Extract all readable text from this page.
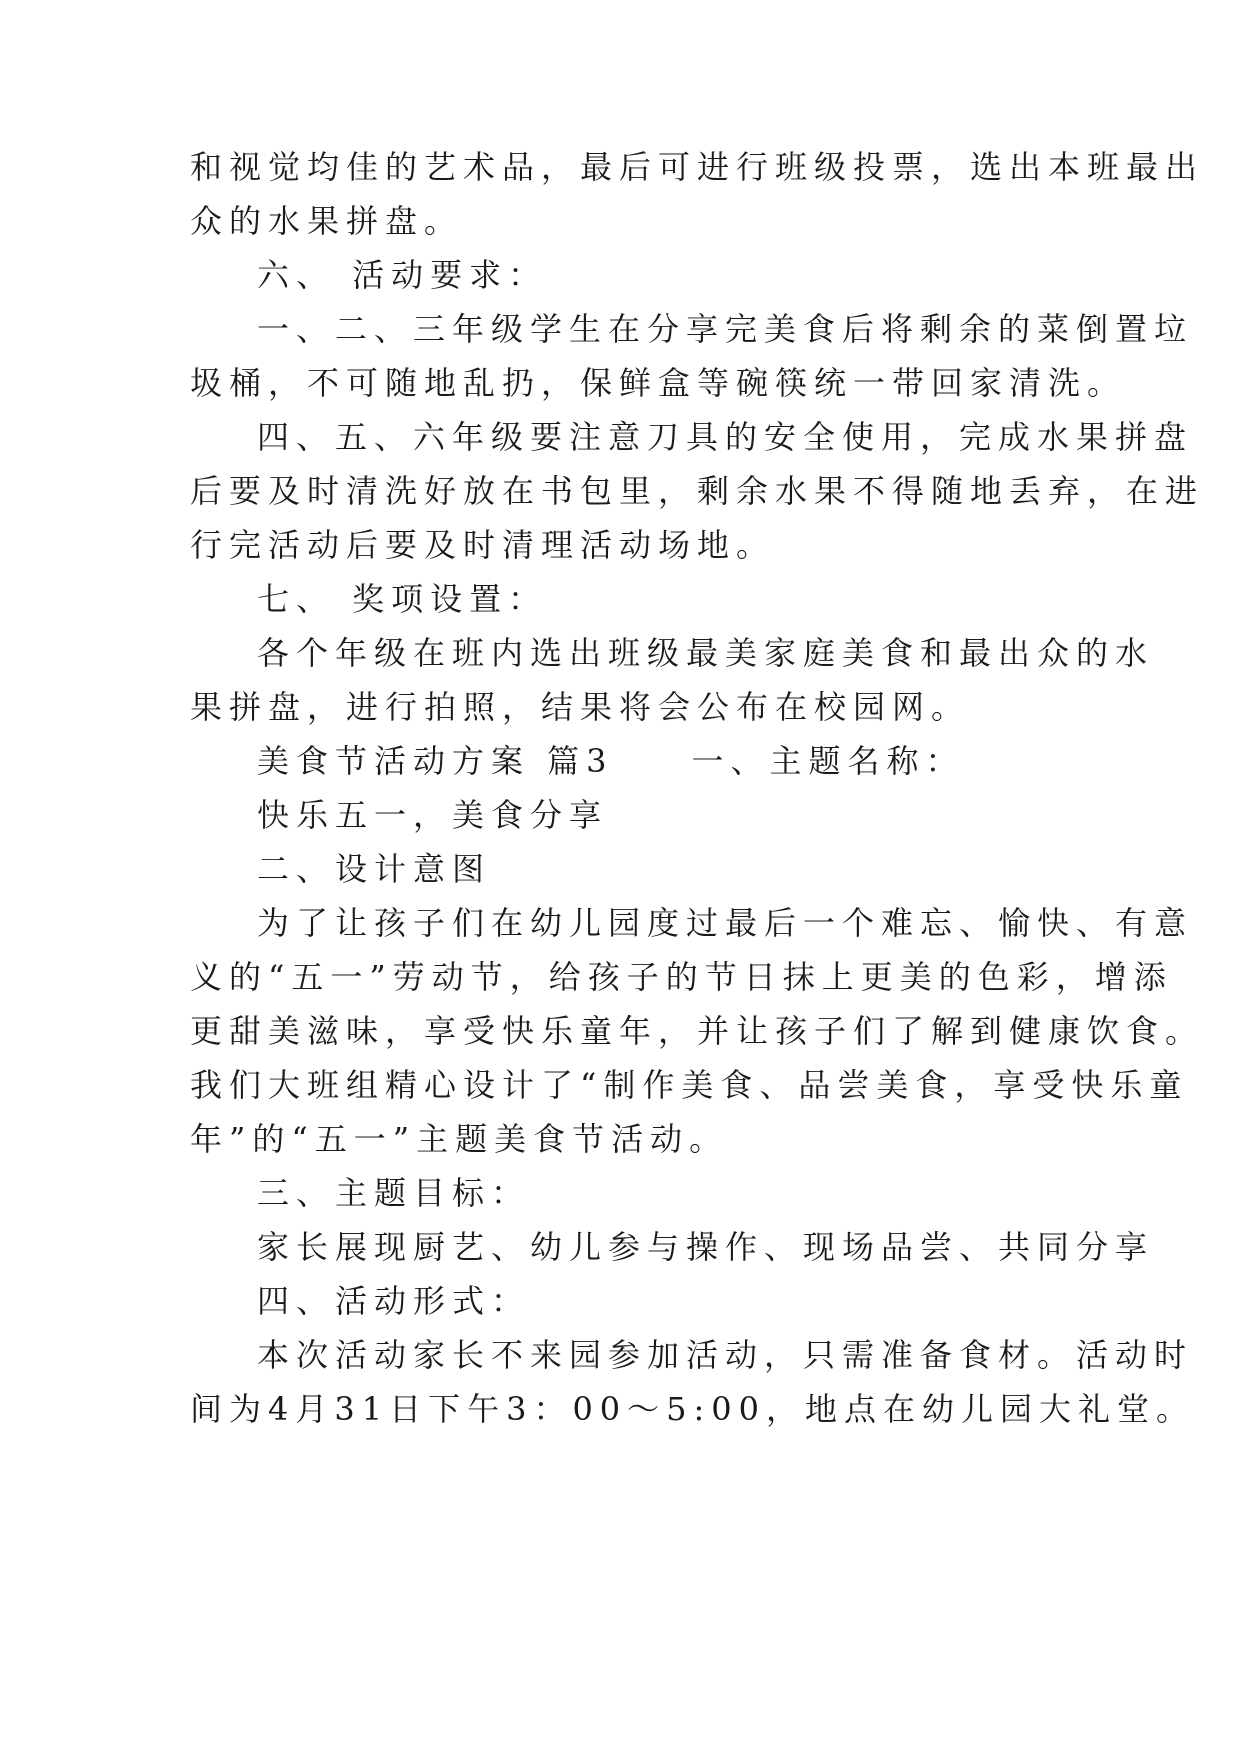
和视觉均佳的艺术品，最后可进行班级投票，选出本班最出
众的水果拼盘。
六、 活动要求：
一、二、三年级学生在分享完美食后将剩余的菜倒置垃
圾桶，不可随地乱扔，保鲜盒等碗筷统一带回家清洗。
四、五、六年级要注意刀具的安全使用，完成水果拼盘
后要及时清洗好放在书包里，剩余水果不得随地丢弃，在进
行完活动后要及时清理活动场地。
七、 奖项设置：
各个年级在班内选出班级最美家庭美食和最出众的水
果拼盘，进行拍照，结果将会公布在校园网。
美食节活动方案 篇3　　一、主题名称：
快乐五一，美食分享
二、设计意图
为了让孩子们在幼儿园度过最后一个难忘、愉快、有意
义的“五一”劳动节，给孩子的节日抹上更美的色彩，增添
更甜美滋味，享受快乐童年，并让孩子们了解到健康饮食。
我们大班组精心设计了“制作美食、品尝美食，享受快乐童
年”的“五一”主题美食节活动。
三、主题目标：
家长展现厨艺、幼儿参与操作、现场品尝、共同分享
四、活动形式：
本次活动家长不来园参加活动，只需准备食材。活动时
间为4月31日下午3：00～5:00，地点在幼儿园大礼堂。
